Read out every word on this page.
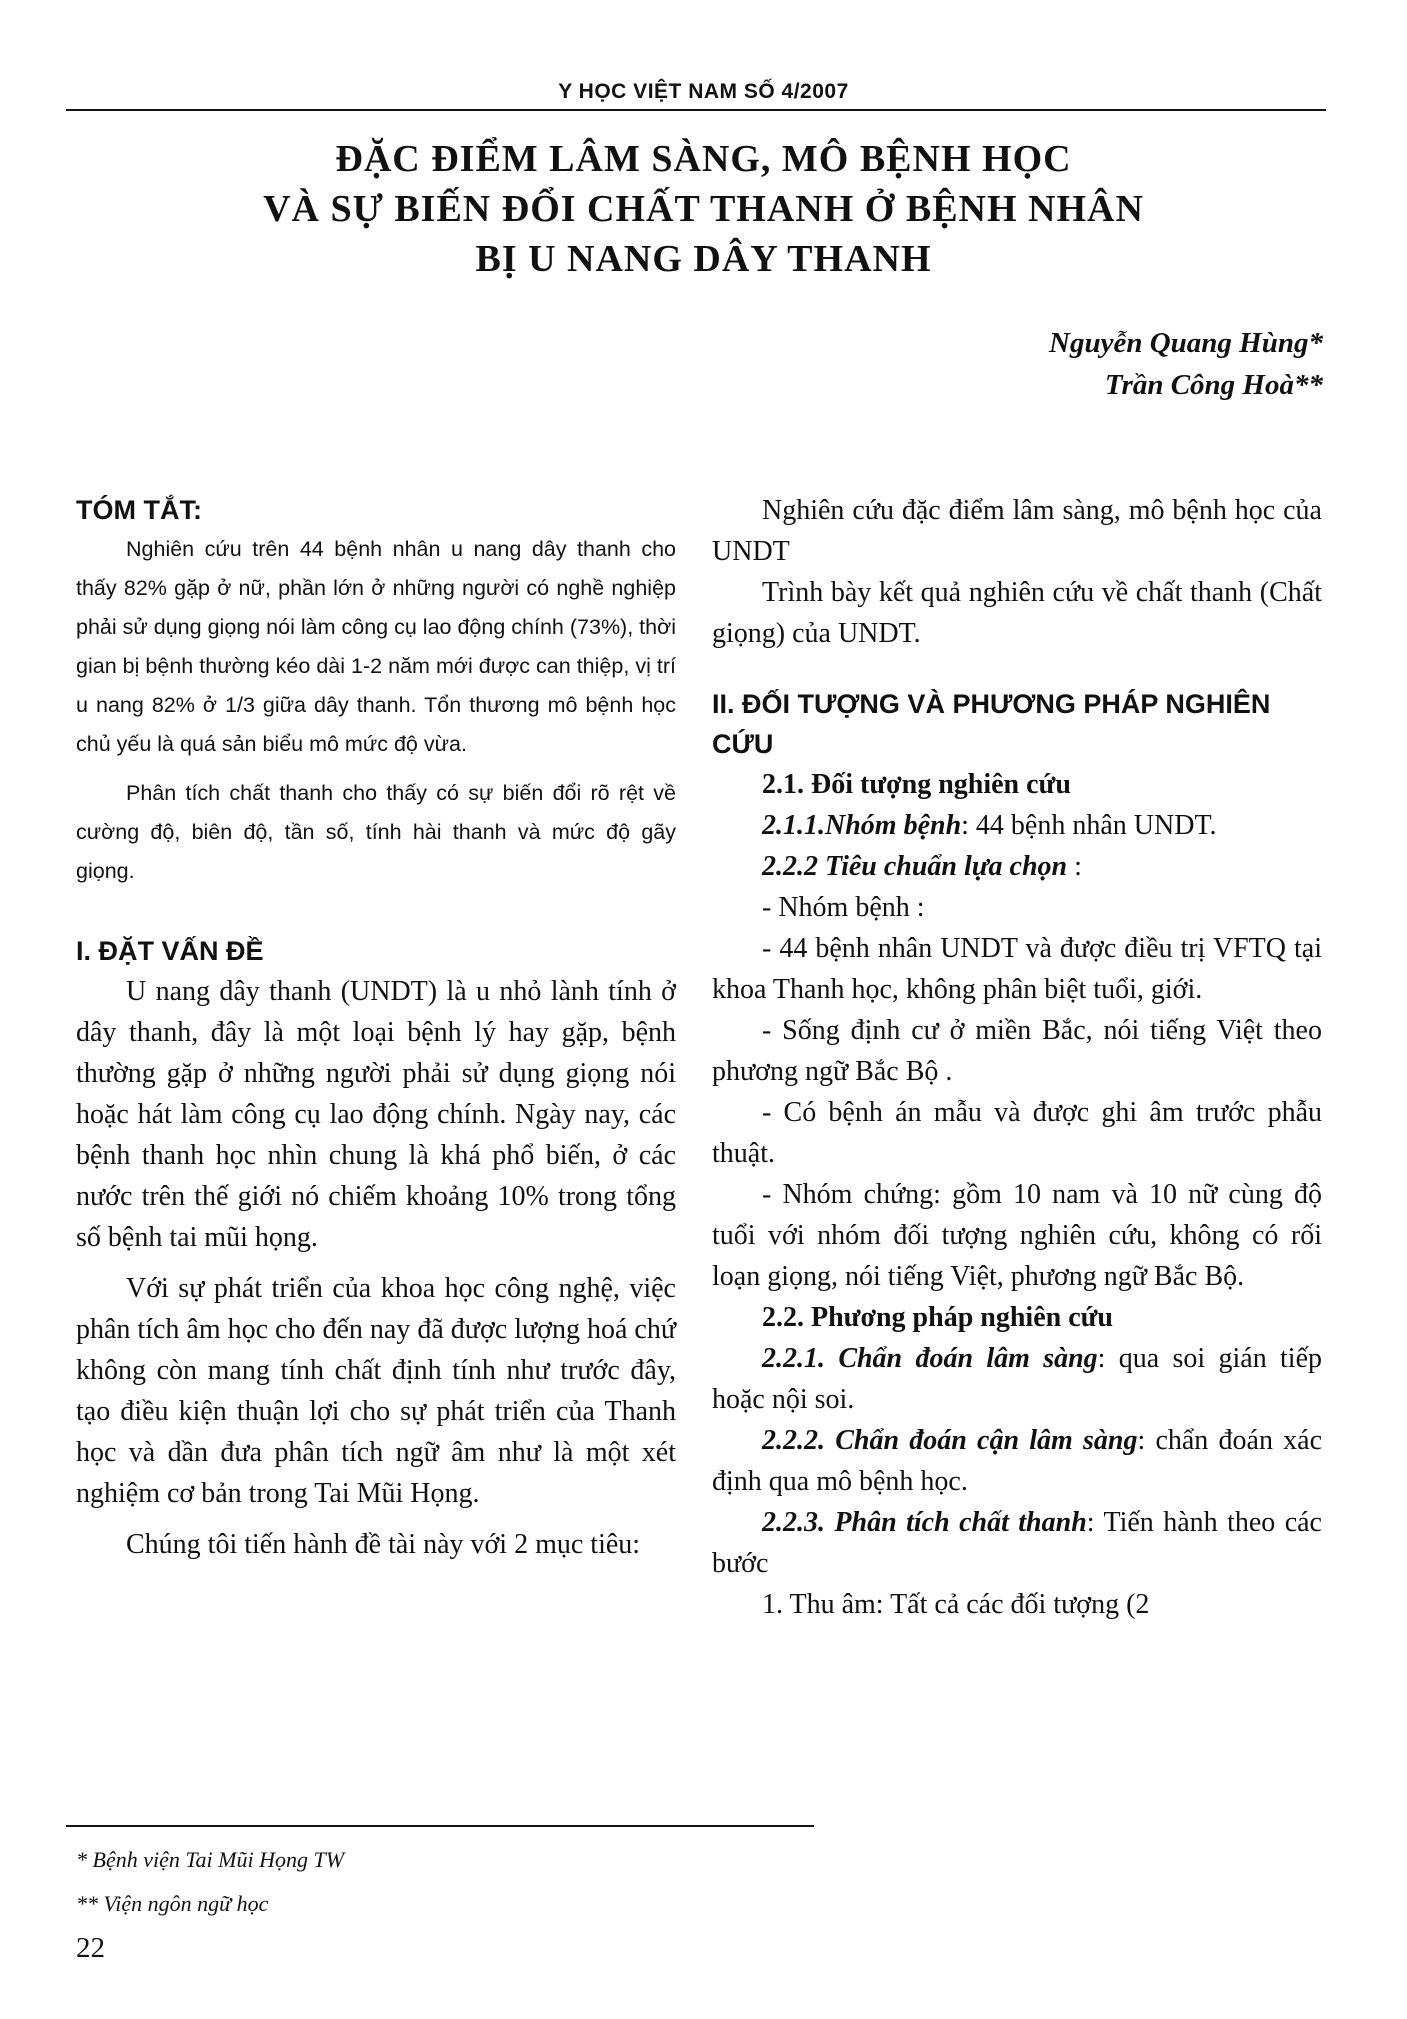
Y HỌC VIỆT NAM SỐ 4/2007
ĐẶC ĐIỂM LÂM SÀNG, MÔ BỆNH HỌC
VÀ SỰ BIẾN ĐỔI CHẤT THANH Ở BỆNH NHÂN
BỊ U NANG DÂY THANH
Nguyễn Quang Hùng*
Trần Công Hoà**
TÓM TẮT:

Nghiên cứu trên 44 bệnh nhân u nang dây thanh cho thấy 82% gặp ở nữ, phần lớn ở những người có nghề nghiệp phải sử dụng giọng nói làm công cụ lao động chính (73%), thời gian bị bệnh thường kéo dài 1-2 năm mới được can thiệp, vị trí u nang 82% ở 1/3 giữa dây thanh. Tổn thương mô bệnh học chủ yếu là quá sản biểu mô mức độ vừa.

Phân tích chất thanh cho thấy có sự biến đổi rõ rệt về cường độ, biên độ, tần số, tính hài thanh và mức độ gãy giọng.

I. ĐẶT VẤN ĐỀ

U nang dây thanh (UNDT) là u nhỏ lành tính ở dây thanh, đây là một loại bệnh lý hay gặp, bệnh thường gặp ở những người phải sử dụng giọng nói hoặc hát làm công cụ lao động chính. Ngày nay, các bệnh thanh học nhìn chung là khá phổ biến, ở các nước trên thế giới nó chiếm khoảng 10% trong tổng số bệnh tai mũi họng.

Với sự phát triển của khoa học công nghệ, việc phân tích âm học cho đến nay đã được lượng hoá chứ không còn mang tính chất định tính như trước đây, tạo điều kiện thuận lợi cho sự phát triển của Thanh học và dần đưa phân tích ngữ âm như là một xét nghiệm cơ bản trong Tai Mũi Họng.

Chúng tôi tiến hành đề tài này với 2 mục tiêu:

Nghiên cứu đặc điểm lâm sàng, mô bệnh học của UNDT

Trình bày kết quả nghiên cứu về chất thanh (Chất giọng) của UNDT.

II. ĐỐI TƯỢNG VÀ PHƯƠNG PHÁP NGHIÊN CỨU

2.1. Đối tượng nghiên cứu

2.1.1.Nhóm bệnh: 44 bệnh nhân UNDT.

2.2.2 Tiêu chuẩn lựa chọn :

- Nhóm bệnh :

- 44 bệnh nhân UNDT và được điều trị VFTQ tại khoa Thanh học, không phân biệt tuổi, giới.

- Sống định cư ở miền Bắc, nói tiếng Việt theo phương ngữ Bắc Bộ .

- Có bệnh án mẫu và được ghi âm trước phẫu thuật.

- Nhóm chứng: gồm 10 nam và 10 nữ cùng độ tuổi với nhóm đối tượng nghiên cứu, không có rối loạn giọng, nói tiếng Việt, phương ngữ Bắc Bộ.

2.2. Phương pháp nghiên cứu

2.2.1. Chẩn đoán lâm sàng: qua soi gián tiếp hoặc nội soi.

2.2.2. Chẩn đoán cận lâm sàng: chẩn đoán xác định qua mô bệnh học.

2.2.3. Phân tích chất thanh: Tiến hành theo các bước

1. Thu âm: Tất cả các đối tượng (2

* Bệnh viện Tai Mũi Họng TW
** Viện ngôn ngữ học
22
